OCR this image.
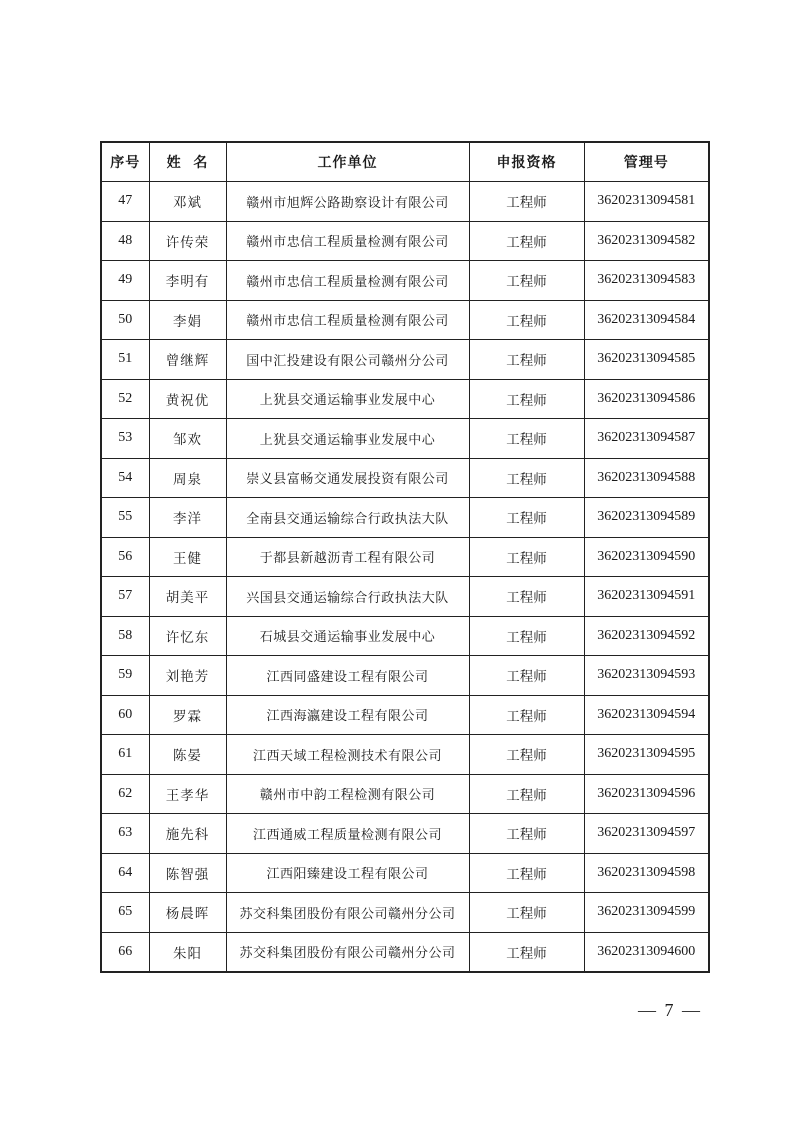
序号	姓  名	工作单位	申报资格	管理号
47	邓斌	赣州市旭辉公路勘察设计有限公司	工程师	36202313094581
48	许传荣	赣州市忠信工程质量检测有限公司	工程师	36202313094582
49	李明有	赣州市忠信工程质量检测有限公司	工程师	36202313094583
50	李娟	赣州市忠信工程质量检测有限公司	工程师	36202313094584
51	曾继辉	国中汇投建设有限公司赣州分公司	工程师	36202313094585
52	黄祝优	上犹县交通运输事业发展中心	工程师	36202313094586
53	邹欢	上犹县交通运输事业发展中心	工程师	36202313094587
54	周泉	崇义县富畅交通发展投资有限公司	工程师	36202313094588
55	李洋	全南县交通运输综合行政执法大队	工程师	36202313094589
56	王健	于都县新越沥青工程有限公司	工程师	36202313094590
57	胡美平	兴国县交通运输综合行政执法大队	工程师	36202313094591
58	许忆东	石城县交通运输事业发展中心	工程师	36202313094592
59	刘艳芳	江西同盛建设工程有限公司	工程师	36202313094593
60	罗霖	江西海瀛建设工程有限公司	工程师	36202313094594
61	陈晏	江西天域工程检测技术有限公司	工程师	36202313094595
62	王孝华	赣州市中韵工程检测有限公司	工程师	36202313094596
63	施先科	江西通威工程质量检测有限公司	工程师	36202313094597
64	陈智强	江西阳臻建设工程有限公司	工程师	36202313094598
65	杨晨晖	苏交科集团股份有限公司赣州分公司	工程师	36202313094599
66	朱阳	苏交科集团股份有限公司赣州分公司	工程师	36202313094600
— 7 —
